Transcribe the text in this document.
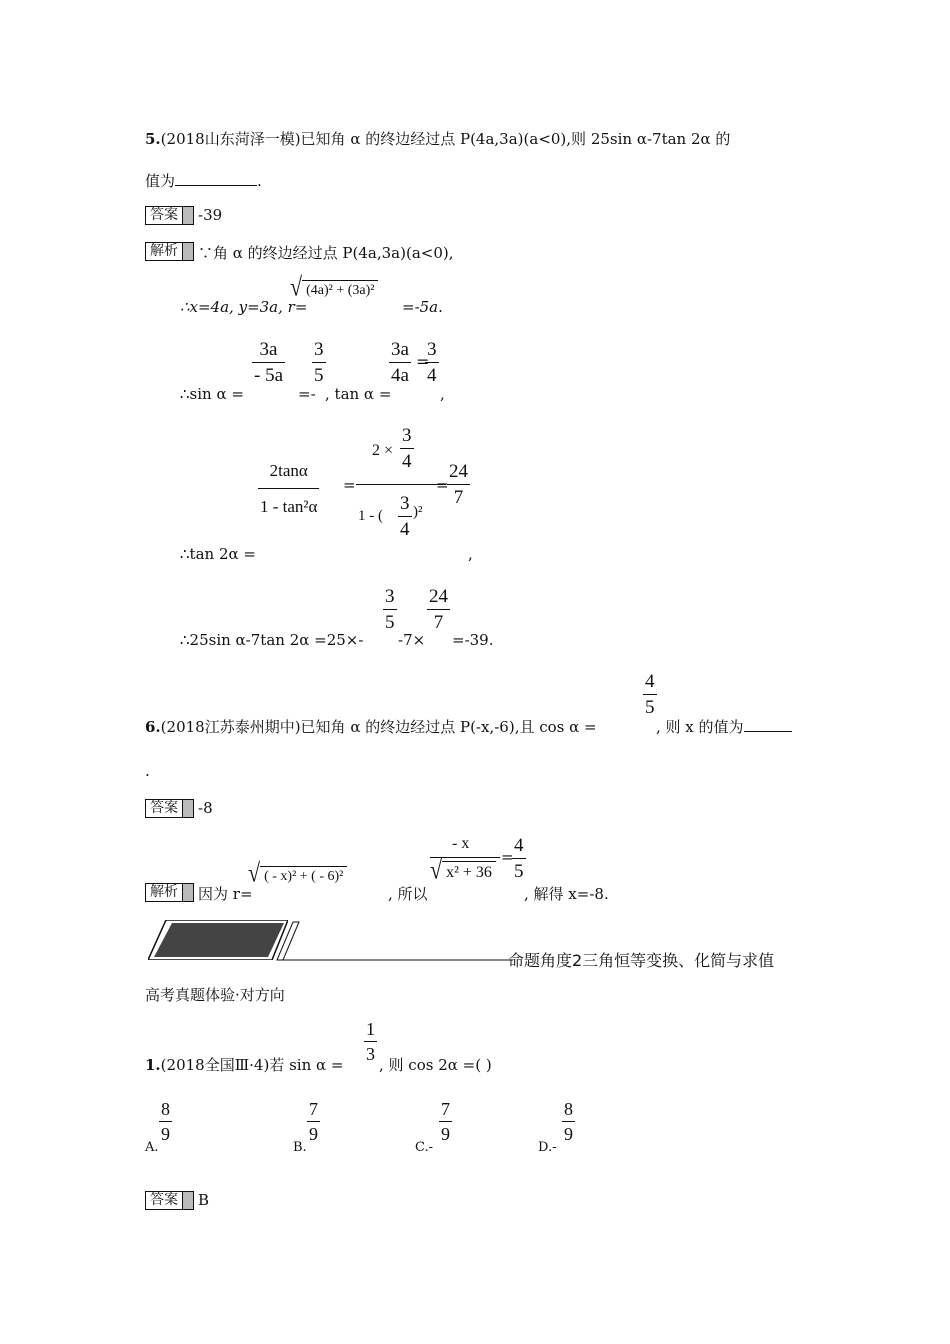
5.(2018山东菏泽一模)已知角 α 的终边经过点 P(4a,3a)(a<0),则 25sin α-7tan 2α 的
值为	.
答案	-39
解析	∵角 α 的终边经过点 P(4a,3a)(a<0),
∴x=4a, y=3a, r=
√ (4a)² + (3a)²
=-5a.
∴sin α =
3a
- 5a
=-
3
5
, tan α =
3a
4a
=
3
4
,
2tanα
1 - tan²α
=
2 ×
3
4
1 - (
3
4
)²
=
24
7
∴tan 2α =	,
3
5
24
7
∴25sin α-7tan 2α =25×- -7× =-39.
4
5
6.(2018江苏泰州期中)已知角 α 的终边经过点 P(-x,-6),且 cos α =	, 则 x 的值为
.
答案	-8
解析	因为 r=
√ ( - x)² + ( - 6)²
, 所以
- x
√ x² + 36
=
4
5
, 解得 x=-8.
命题角度2三角恒等变换、化简与求值
高考真题体验·对方向
1
3
1.(2018全国Ⅲ·4)若 sin α = , 则 cos 2α =( )
8
9
A.
7
9
B.
7
9
C.-
8
9
D.-
答案	B
